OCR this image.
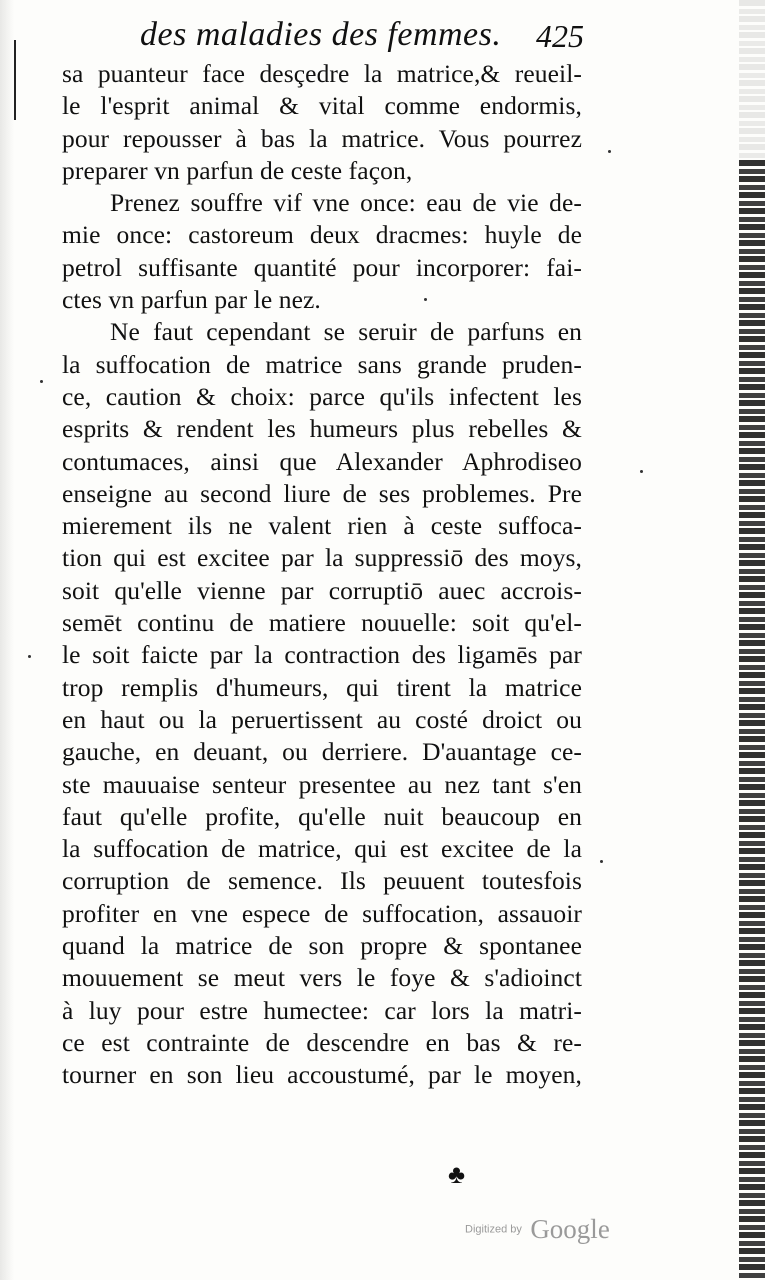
des maladies des femmes. 425
sa puanteur face desçedre la matrice,& reueil-
le l'esprit animal & vital comme endormis,
pour repousser à bas la matrice. Vous pourrez
preparer vn parfun de ceste façon,
Prenez souffre vif vne once: eau de vie de-
mie once: castoreum deux dracmes: huyle de
petrol suffisante quantité pour incorporer: fai-
ctes vn parfun par le nez.
Ne faut cependant se seruir de parfuns en
la suffocation de matrice sans grande pruden-
ce, caution & choix: parce qu'ils infectent les
esprits & rendent les humeurs plus rebelles &
contumaces, ainsi que Alexander Aphrodiseo
enseigne au second liure de ses problemes. Pre
mierement ils ne valent rien à ceste suffoca-
tion qui est excitee par la suppressiō des moys,
soit qu'elle vienne par corruptiō auec accrois-
semēt continu de matiere nouuelle: soit qu'el-
le soit faicte par la contraction des ligamēs par
trop remplis d'humeurs, qui tirent la matrice
en haut ou la peruertissent au costé droict ou
gauche, en deuant, ou derriere. D'auantage ce-
ste mauuaise senteur presentee au nez tant s'en
faut qu'elle profite, qu'elle nuit beaucoup en
la suffocation de matrice, qui est excitee de la
corruption de semence. Ils peuuent toutesfois
profiter en vne espece de suffocation, assauoir
quand la matrice de son propre & spontanee
mouuement se meut vers le foye & s'adioinct
à luy pour estre humectee: car lors la matri-
ce est contrainte de descendre en bas & re-
tourner en son lieu accoustumé, par le moyen,
♣
Digitized by Google
